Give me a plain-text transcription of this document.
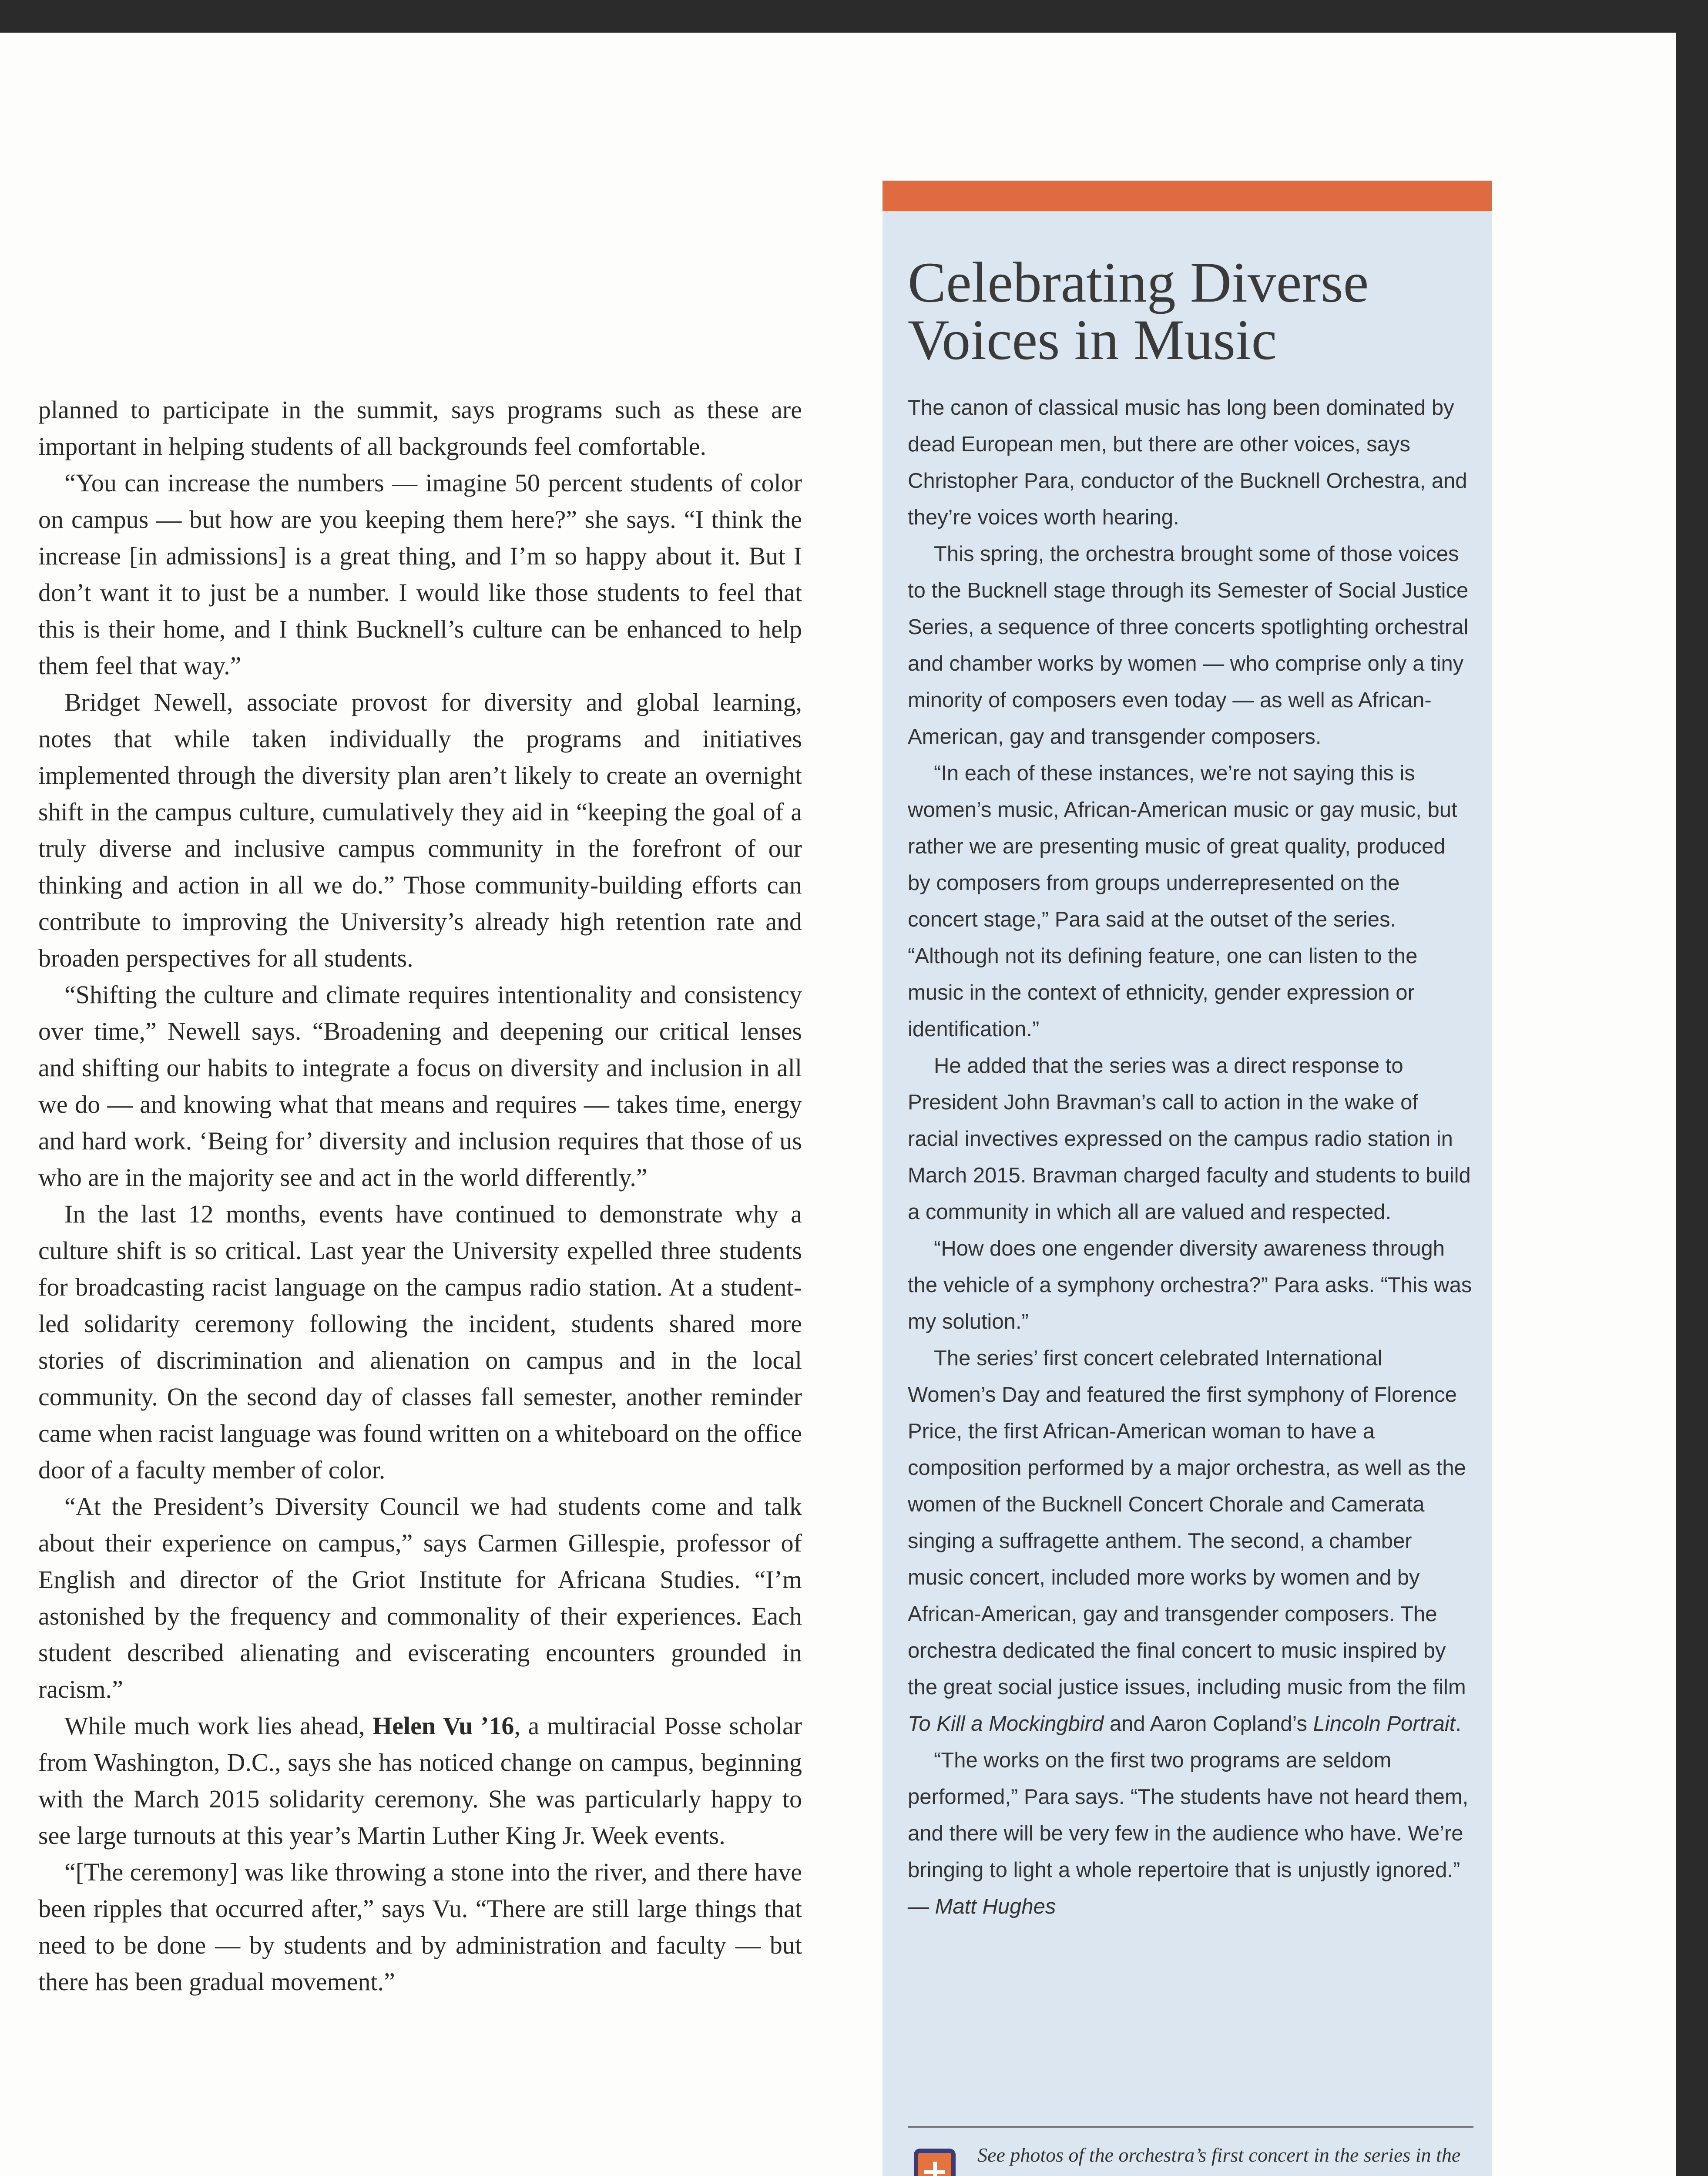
planned to participate in the summit, says programs such as these are important in helping students of all backgrounds feel comfortable.

“You can increase the numbers — imagine 50 percent students of color on campus — but how are you keeping them here?” she says. “I think the increase [in admissions] is a great thing, and I’m so happy about it. But I don’t want it to just be a number. I would like those students to feel that this is their home, and I think Bucknell’s culture can be enhanced to help them feel that way.”

Bridget Newell, associate provost for diversity and global learning, notes that while taken individually the programs and initiatives implemented through the diversity plan aren’t likely to create an overnight shift in the campus culture, cumulatively they aid in “keeping the goal of a truly diverse and inclusive campus community in the forefront of our thinking and action in all we do.” Those community-building efforts can contribute to improving the University’s already high retention rate and broaden perspectives for all students.

“Shifting the culture and climate requires intentionality and consistency over time,” Newell says. “Broadening and deepening our critical lenses and shifting our habits to integrate a focus on diversity and inclusion in all we do — and knowing what that means and requires — takes time, energy and hard work. ‘Being for’ diversity and inclusion requires that those of us who are in the majority see and act in the world differently.”

In the last 12 months, events have continued to demonstrate why a culture shift is so critical. Last year the University expelled three students for broadcasting racist language on the campus radio station. At a student-led solidarity ceremony following the incident, students shared more stories of discrimination and alienation on campus and in the local community. On the second day of classes fall semester, another reminder came when racist language was found written on a whiteboard on the office door of a faculty member of color.

“At the President’s Diversity Council we had students come and talk about their experience on campus,” says Carmen Gillespie, professor of English and director of the Griot Institute for Africana Studies. “I’m astonished by the frequency and commonality of their experiences. Each student described alienating and eviscerating encounters grounded in racism.”

While much work lies ahead, Helen Vu ’16, a multiracial Posse scholar from Washington, D.C., says she has noticed change on campus, beginning with the March 2015 solidarity ceremony. She was particularly happy to see large turnouts at this year’s Martin Luther King Jr. Week events.

“[The ceremony] was like throwing a stone into the river, and there have been ripples that occurred after,” says Vu. “There are still large things that need to be done — by students and by administration and faculty — but there has been gradual movement.”

Celebrating Diverse Voices in Music

The canon of classical music has long been dominated by dead European men, but there are other voices, says Christopher Para, conductor of the Bucknell Orchestra, and they’re voices worth hearing.

This spring, the orchestra brought some of those voices to the Bucknell stage through its Semester of Social Justice Series, a sequence of three concerts spotlighting orchestral and chamber works by women — who comprise only a tiny minority of composers even today — as well as African-American, gay and transgender composers.

“In each of these instances, we’re not saying this is women’s music, African-American music or gay music, but rather we are presenting music of great quality, produced by composers from groups underrepresented on the concert stage,” Para said at the outset of the series. “Although not its defining feature, one can listen to the music in the context of ethnicity, gender expression or identification.”

He added that the series was a direct response to President John Bravman’s call to action in the wake of racial invectives expressed on the campus radio station in March 2015. Bravman charged faculty and students to build a community in which all are valued and respected.

“How does one engender diversity awareness through the vehicle of a symphony orchestra?” Para asks. “This was my solution.”

The series’ first concert celebrated International Women’s Day and featured the first symphony of Florence Price, the first African-American woman to have a composition performed by a major orchestra, as well as the women of the Bucknell Concert Chorale and Camerata singing a suffragette anthem. The second, a chamber music concert, included more works by women and by African-American, gay and transgender composers. The orchestra dedicated the final concert to music inspired by the great social justice issues, including music from the film To Kill a Mockingbird and Aaron Copland’s Lincoln Portrait.

“The works on the first two programs are seldom performed,” Para says. “The students have not heard them, and there will be very few in the audience who have. We’re bringing to light a whole repertoire that is unjustly ignored.” — Matt Hughes

See photos of the orchestra’s first concert in the series in the
